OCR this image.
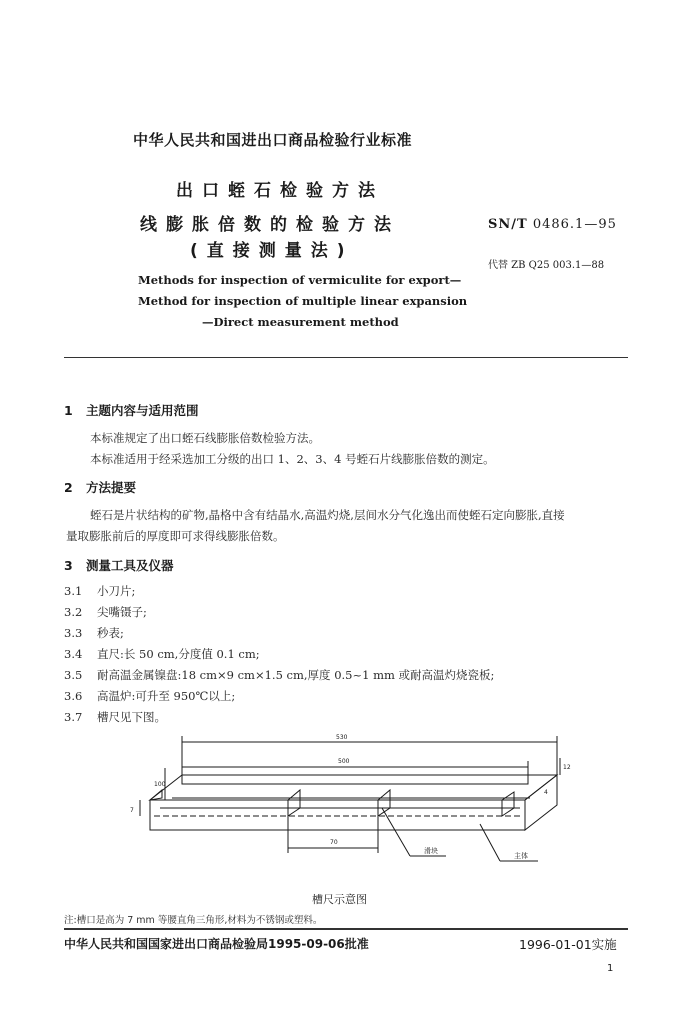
中华人民共和国进出口商品检验行业标准
出口蛭石检验方法
线膨胀倍数的检验方法
(直接测量法)
SN/T 0486.1—95
代替 ZB Q25 003.1—88
Methods for inspection of vermiculite for export—
Method for inspection of multiple linear expansion
—Direct measurement method
1 主题内容与适用范围
本标准规定了出口蛭石线膨胀倍数检验方法。
本标准适用于经采选加工分级的出口 1、2、3、4 号蛭石片线膨胀倍数的测定。
2 方法提要
蛭石是片状结构的矿物,晶格中含有结晶水,高温灼烧,层间水分气化逸出而使蛭石定向膨胀,直接
量取膨胀前后的厚度即可求得线膨胀倍数。
3 测量工具及仪器
3.1 小刀片;
3.2 尖嘴镊子;
3.3 秒表;
3.4 直尺:长 50 cm,分度值 0.1 cm;
3.5 耐高温金属镍盘:18 cm×9 cm×1.5 cm,厚度 0.5~1 mm 或耐高温灼烧瓷板;
3.6 高温炉:可升至 950℃以上;
3.7 槽尺见下图。
530
500
70
12
100
7
4
滑块
主体
槽尺示意图
注:槽口是高为 7 mm 等腰直角三角形,材料为不锈钢或塑料。
中华人民共和国国家进出口商品检验局1995-09-06批准	1996-01-01实施
1
